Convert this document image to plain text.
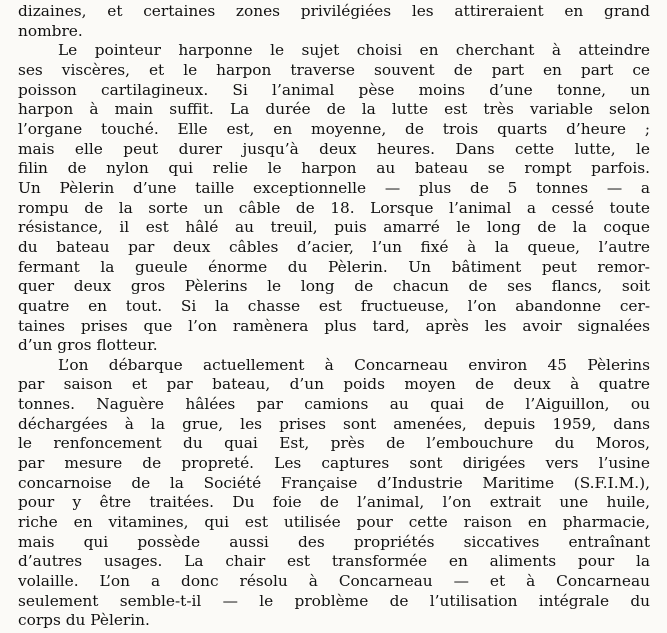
dizaines, et certaines zones privilégiées les attireraient en grand
nombre.
Le pointeur harponne le sujet choisi en cherchant à atteindre
ses viscères, et le harpon traverse souvent de part en part ce
poisson cartilagineux. Si l’animal pèse moins d’une tonne, un
harpon à main suffit. La durée de la lutte est très variable selon
l’organe touché. Elle est, en moyenne, de trois quarts d’heure ;
mais elle peut durer jusqu’à deux heures. Dans cette lutte, le
filin de nylon qui relie le harpon au bateau se rompt parfois.
Un Pèlerin d’une taille exceptionnelle — plus de 5 tonnes — a
rompu de la sorte un câble de 18. Lorsque l’animal a cessé toute
résistance, il est hâlé au treuil, puis amarré le long de la coque
du bateau par deux câbles d’acier, l’un fixé à la queue, l’autre
fermant la gueule énorme du Pèlerin. Un bâtiment peut remor-
quer deux gros Pèlerins le long de chacun de ses flancs, soit
quatre en tout. Si la chasse est fructueuse, l’on abandonne cer-
taines prises que l’on ramènera plus tard, après les avoir signalées
d’un gros flotteur.
L’on débarque actuellement à Concarneau environ 45 Pèlerins
par saison et par bateau, d’un poids moyen de deux à quatre
tonnes. Naguère hâlées par camions au quai de l’Aiguillon, ou
déchargées à la grue, les prises sont amenées, depuis 1959, dans
le renfoncement du quai Est, près de l’embouchure du Moros,
par mesure de propreté. Les captures sont dirigées vers l’usine
concarnoise de la Société Française d’Industrie Maritime (S.F.I.M.),
pour y être traitées. Du foie de l’animal, l’on extrait une huile,
riche en vitamines, qui est utilisée pour cette raison en pharmacie,
mais qui possède aussi des propriétés siccatives entraînant
d’autres usages. La chair est transformée en aliments pour la
volaille. L’on a donc résolu à Concarneau — et à Concarneau
seulement semble-t-il — le problème de l’utilisation intégrale du
corps du Pèlerin.
